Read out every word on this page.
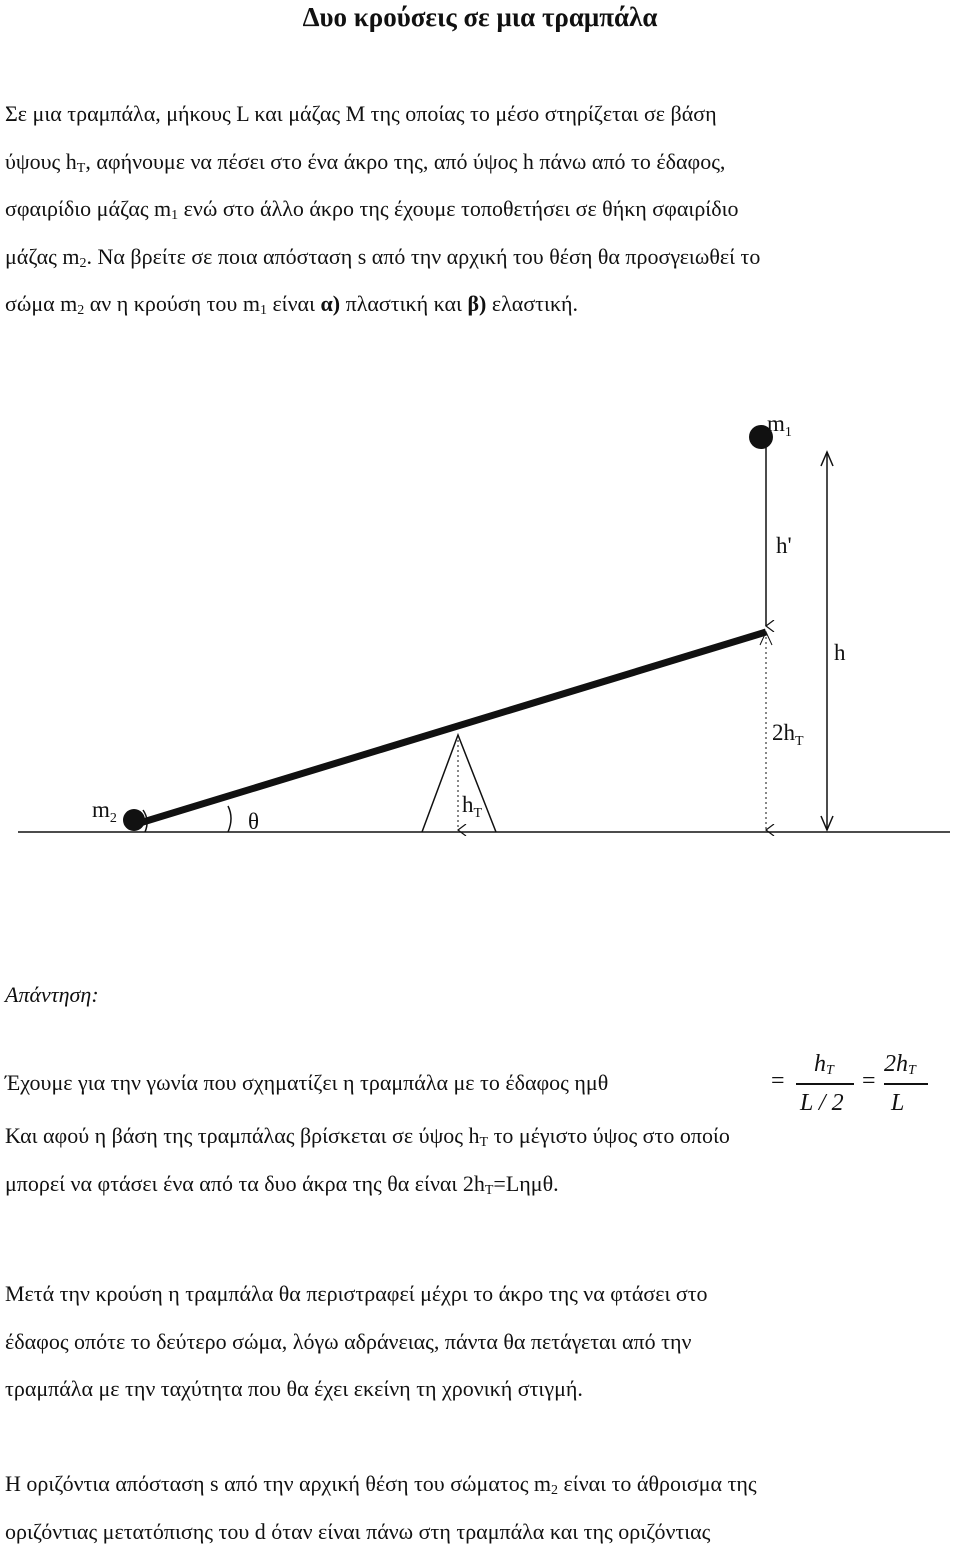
Δυο κρούσεις σε μια τραμπάλα

Σε μια τραμπάλα, μήκους L και μάζας M της οποίας το μέσο στηρίζεται σε βάση

ύψους $h_T$, αφήνουμε να πέσει στο ένα άκρο της, από ύψος h πάνω από το έδαφος,

σφαιρίδιο μάζας $m_1$ ενώ στο άλλο άκρο της έχουμε τοποθετήσει σε θήκη σφαιρίδιο

μάζας $m_2$. Να βρείτε σε ποια απόσταση s από την αρχική του θέση θα προσγειωθεί το

σώμα $m_2$ αν η κρούση του $m_1$ είναι α) πλαστική και β) ελαστική.

$m_1$
h'
h
$2h_T$
$m_2$	θ
$h_T$
Απάντηση:
Έχουμε για την γωνία που σχηματίζει η τραμπάλα με το έδαφος ημθ	=
$h_T$
L / 2
=
$2h_T$
L

Και αφού η βάση της τραμπάλας βρίσκεται σε ύψος $h_T$ το μέγιστο ύψος στο οποίο

μπορεί να φτάσει ένα από τα δυο άκρα της θα είναι $2h_T=L\eta\mu\theta$.

Μετά την κρούση η τραμπάλα θα περιστραφεί μέχρι το άκρο της να φτάσει στο

έδαφος οπότε το δεύτερο σώμα, λόγω αδράνειας, πάντα θα πετάγεται από την

τραμπάλα με την ταχύτητα που θα έχει εκείνη τη χρονική στιγμή.

Η οριζόντια απόσταση s από την αρχική θέση του σώματος $m_2$ είναι το άθροισμα της

οριζόντιας μετατόπισης του d όταν είναι πάνω στη τραμπάλα και της οριζόντιας
